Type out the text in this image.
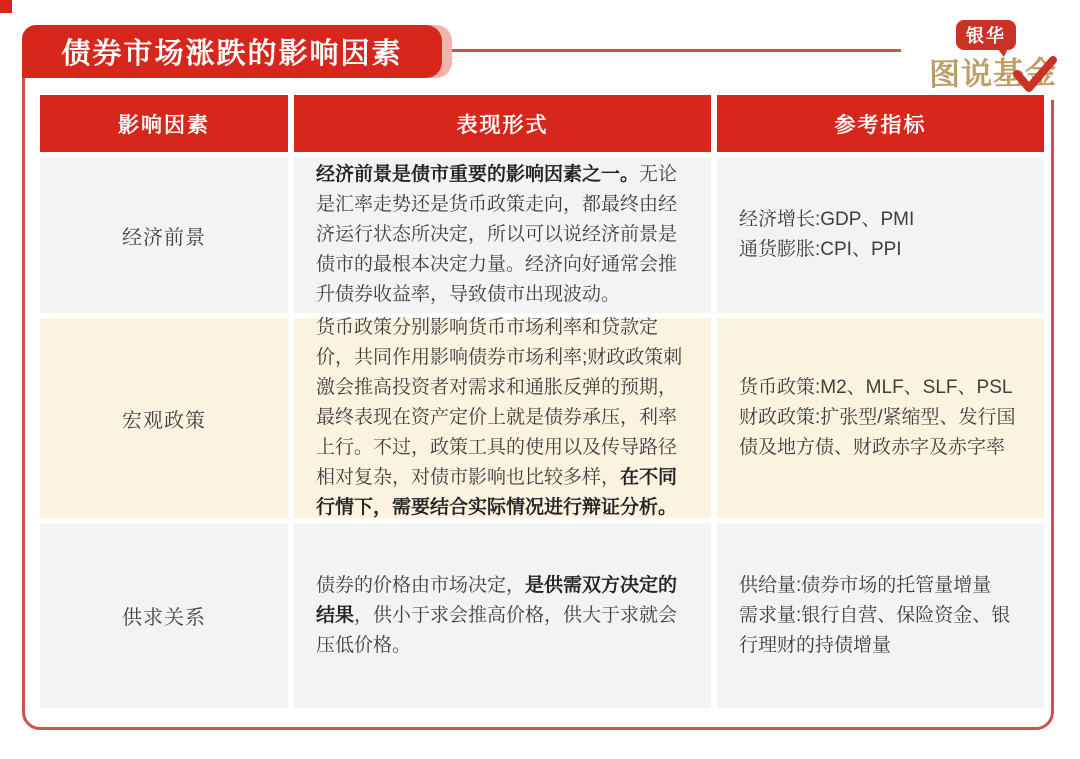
债券市场涨跌的影响因素
银华
图说基金
影响因素	表现形式	参考指标
经济前景

经济前景是债市重要的影响因素之一。无论是汇率走势还是货币政策走向，都最终由经济运行状态所决定，所以可以说经济前景是债市的最根本决定力量。经济向好通常会推升债券收益率，导致债市出现波动。

经济增长:GDP、PMI
通货膨胀:CPI、PPI
宏观政策

货币政策分别影响货币市场利率和贷款定价，共同作用影响债券市场利率;财政政策刺激会推高投资者对需求和通胀反弹的预期，最终表现在资产定价上就是债券承压，利率上行。不过，政策工具的使用以及传导路径相对复杂，对债市影响也比较多样，在不同行情下，需要结合实际情况进行辩证分析。

货币政策:M2、MLF、SLF、PSL
财政政策:扩张型/紧缩型、发行国债及地方债、财政赤字及赤字率
供求关系

债券的价格由市场决定，是供需双方决定的结果，供小于求会推高价格，供大于求就会压低价格。

供给量:债券市场的托管量增量
需求量:银行自营、保险资金、银行理财的持债增量
